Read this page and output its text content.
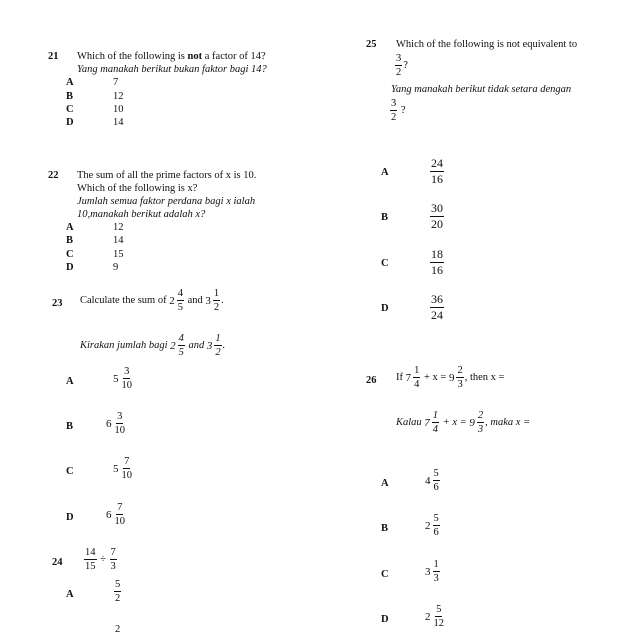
21 Which of the following is not a factor of 14?
Yang manakah berikut bukan faktor bagi 14?
A	7
B	12
C	10
D	14
22 The sum of all the prime factors of x is 10.
Which of the following is x?
Jumlah semua faktor perdana bagi x ialah
10,manakah berikut adalah x?
A	12
B	14
C	15
D	9
23 Calculate the sum of
2
4
5

and
3
1
2
.
Kirakan jumlah bagi
2
4
5

and
3
1
2
.
A	5
3
10
B	6
3
10
C	5
7
10
D	6
7
10
$24 \frac{14}{15}$
÷
$\frac{7}{3}$
A	$\frac{5}{2}$
2
25 Which of the following is not equivalent to
3
2
?
Yang manakah berikut tidak setara dengan
3
2

?
A	$\frac{24}{16}$
B	$\frac{30}{20}$
C	$\frac{18}{16}$
D	$\frac{36}{24}$
26 If
7
1
4

+ x =
9
2
3
, then x =
Kalau
7
1
4

+ x =
9
2
3
, maka x =
A	4
5
6
B	2
5
6
C	3
1
3
D	2
5
12
